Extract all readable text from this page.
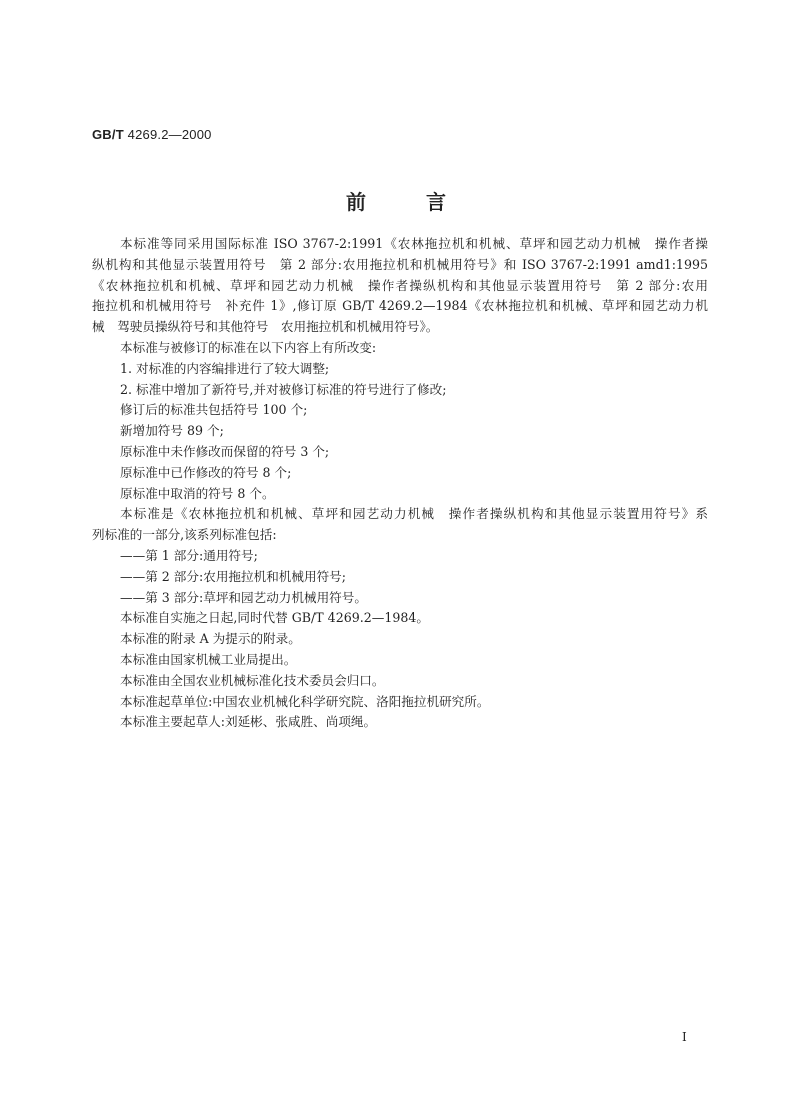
GB/T 4269.2—2000
前言
本标准等同采用国际标准 ISO 3767-2:1991《农林拖拉机和机械、草坪和园艺动力机械　操作者操
纵机构和其他显示装置用符号　第 2 部分:农用拖拉机和机械用符号》和 ISO 3767-2:1991 amd1:1995
《农林拖拉机和机械、草坪和园艺动力机械　操作者操纵机构和其他显示装置用符号　第 2 部分:农用
拖拉机和机械用符号　补充件 1》,修订原 GB/T 4269.2—1984《农林拖拉机和机械、草坪和园艺动力机
械　驾驶员操纵符号和其他符号　农用拖拉机和机械用符号》。
本标准与被修订的标准在以下内容上有所改变:
1. 对标准的内容编排进行了较大调整;
2. 标准中增加了新符号,并对被修订标准的符号进行了修改;
修订后的标准共包括符号 100 个;
新增加符号 89 个;
原标准中未作修改而保留的符号 3 个;
原标准中已作修改的符号 8 个;
原标准中取消的符号 8 个。
本标准是《农林拖拉机和机械、草坪和园艺动力机械　操作者操纵机构和其他显示装置用符号》系
列标准的一部分,该系列标准包括:
——第 1 部分:通用符号;
——第 2 部分:农用拖拉机和机械用符号;
——第 3 部分:草坪和园艺动力机械用符号。
本标准自实施之日起,同时代替 GB/T 4269.2—1984。
本标准的附录 A 为提示的附录。
本标准由国家机械工业局提出。
本标准由全国农业机械标准化技术委员会归口。
本标准起草单位:中国农业机械化科学研究院、洛阳拖拉机研究所。
本标准主要起草人:刘延彬、张咸胜、尚项绳。
I
